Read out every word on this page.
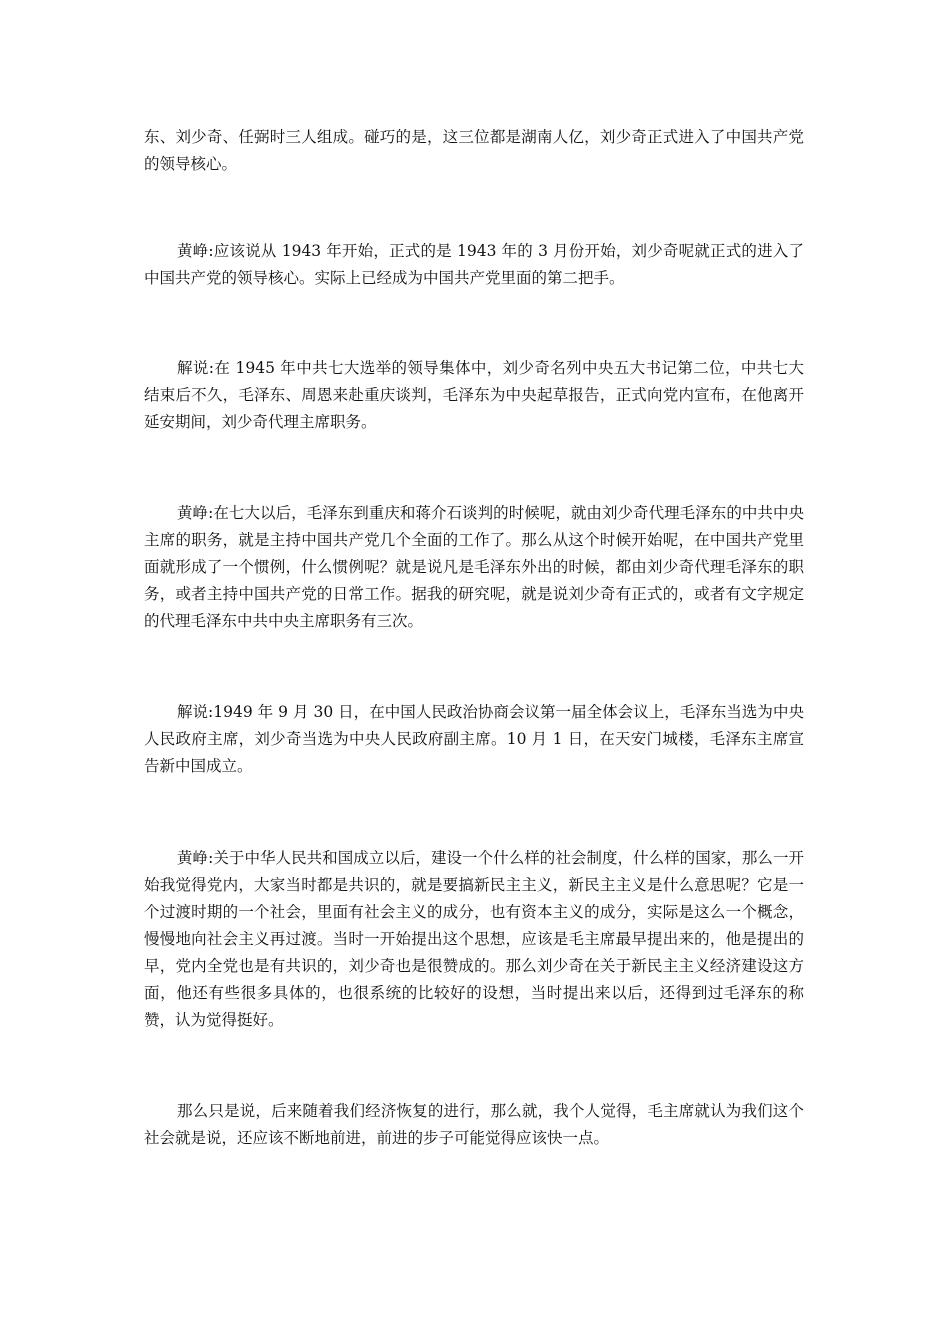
东、刘少奇、任弼时三人组成。碰巧的是，这三位都是湖南人亿，刘少奇正式进入了中国共产党的领导核心。

黄峥:应该说从 1943 年开始，正式的是 1943 年的 3 月份开始，刘少奇呢就正式的进入了中国共产党的领导核心。实际上已经成为中国共产党里面的第二把手。

解说:在 1945 年中共七大选举的领导集体中，刘少奇名列中央五大书记第二位，中共七大结束后不久，毛泽东、周恩来赴重庆谈判，毛泽东为中央起草报告，正式向党内宣布，在他离开延安期间，刘少奇代理主席职务。

黄峥:在七大以后，毛泽东到重庆和蒋介石谈判的时候呢，就由刘少奇代理毛泽东的中共中央主席的职务，就是主持中国共产党几个全面的工作了。那么从这个时候开始呢，在中国共产党里面就形成了一个惯例，什么惯例呢？就是说凡是毛泽东外出的时候，都由刘少奇代理毛泽东的职务，或者主持中国共产党的日常工作。据我的研究呢，就是说刘少奇有正式的，或者有文字规定的代理毛泽东中共中央主席职务有三次。

解说:1949 年 9 月 30 日，在中国人民政治协商会议第一届全体会议上，毛泽东当选为中央人民政府主席，刘少奇当选为中央人民政府副主席。10 月 1 日，在天安门城楼，毛泽东主席宣告新中国成立。

黄峥:关于中华人民共和国成立以后，建设一个什么样的社会制度，什么样的国家，那么一开始我觉得党内，大家当时都是共识的，就是要搞新民主主义，新民主主义是什么意思呢？它是一个过渡时期的一个社会，里面有社会主义的成分，也有资本主义的成分，实际是这么一个概念，慢慢地向社会主义再过渡。当时一开始提出这个思想，应该是毛主席最早提出来的，他是提出的早，党内全党也是有共识的，刘少奇也是很赞成的。那么刘少奇在关于新民主主义经济建设这方面，他还有些很多具体的，也很系统的比较好的设想，当时提出来以后，还得到过毛泽东的称赞，认为觉得挺好。

那么只是说，后来随着我们经济恢复的进行，那么就，我个人觉得，毛主席就认为我们这个社会就是说，还应该不断地前进，前进的步子可能觉得应该快一点。
